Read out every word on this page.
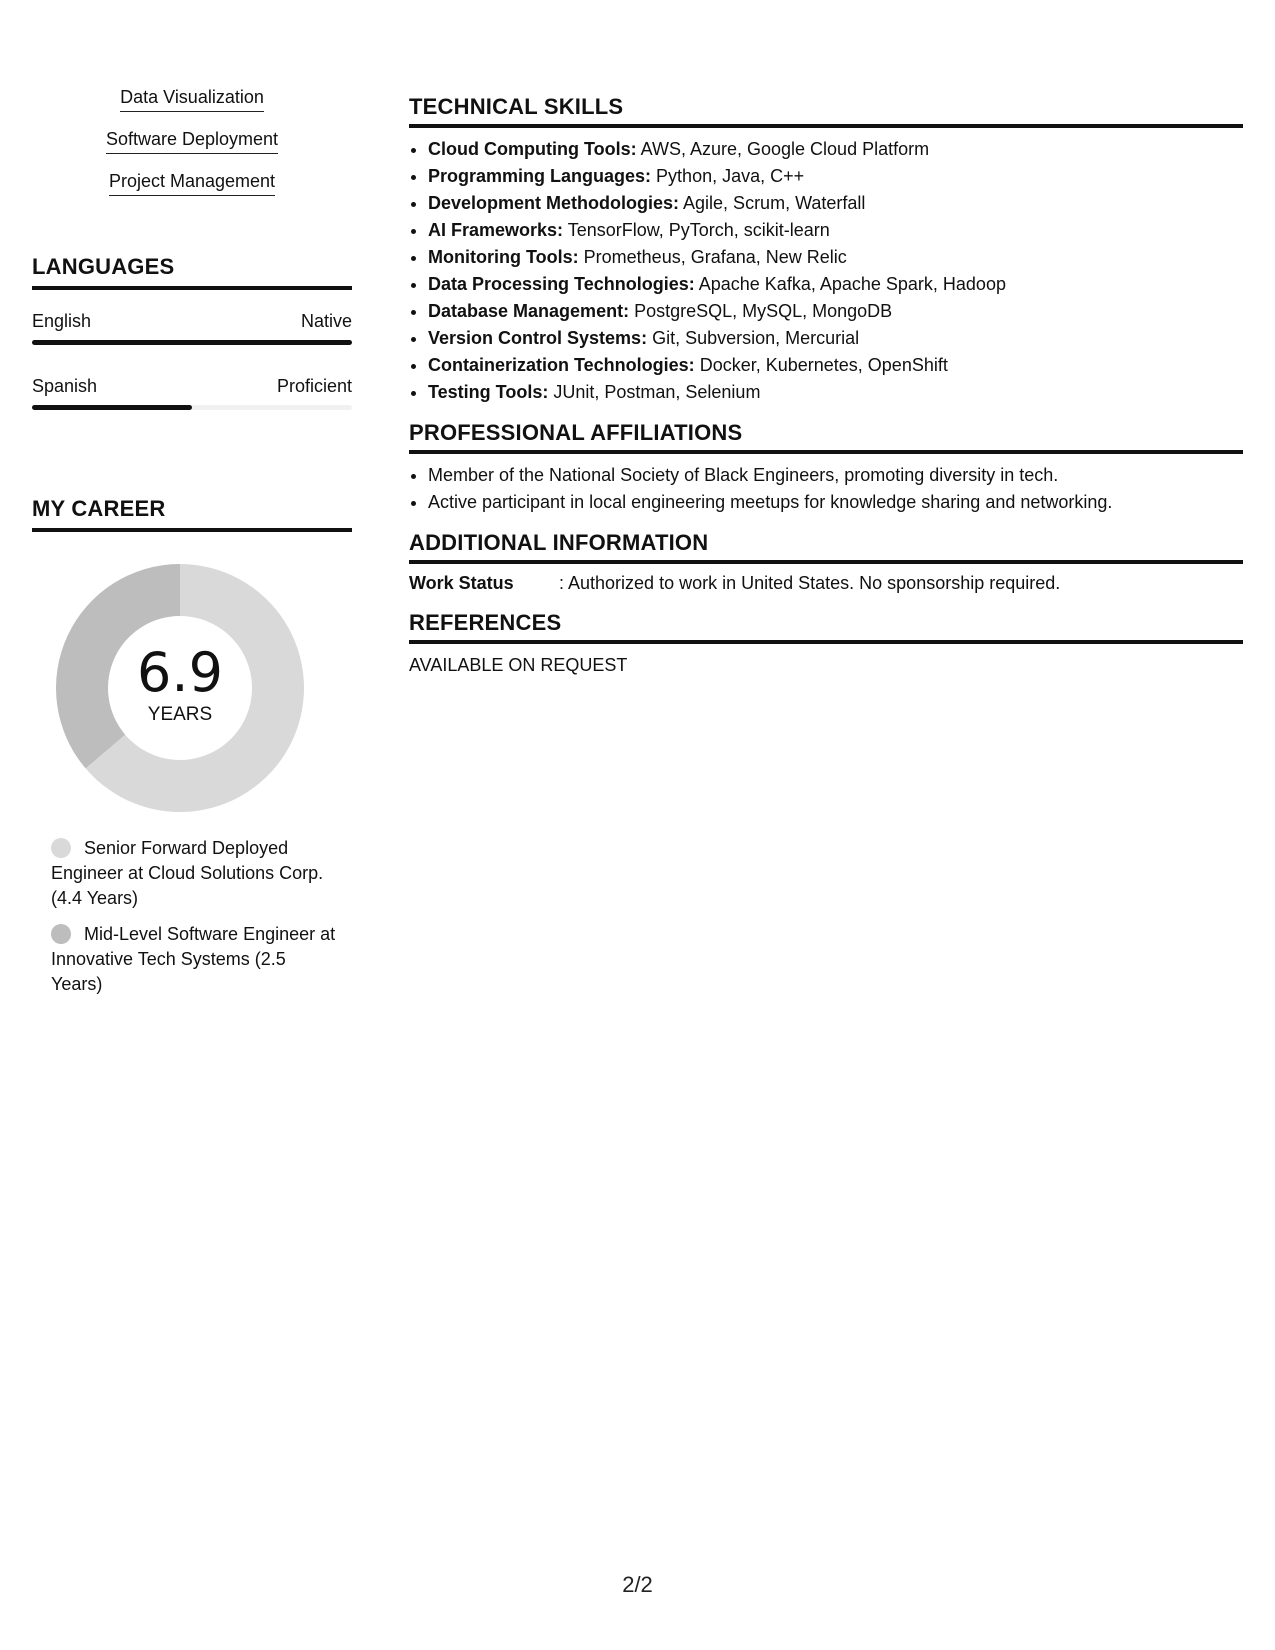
Data Visualization
Software Deployment
Project Management
LANGUAGES
English	Native
Spanish	Proficient
MY CAREER
6.9
YEARS
Senior Forward Deployed Engineer at Cloud Solutions Corp. (4.4 Years)
Mid-Level Software Engineer at Innovative Tech Systems (2.5 Years)
TECHNICAL SKILLS
• Cloud Computing Tools: AWS, Azure, Google Cloud Platform
• Programming Languages: Python, Java, C++
• Development Methodologies: Agile, Scrum, Waterfall
• AI Frameworks: TensorFlow, PyTorch, scikit-learn
• Monitoring Tools: Prometheus, Grafana, New Relic
• Data Processing Technologies: Apache Kafka, Apache Spark, Hadoop
• Database Management: PostgreSQL, MySQL, MongoDB
• Version Control Systems: Git, Subversion, Mercurial
• Containerization Technologies: Docker, Kubernetes, OpenShift
• Testing Tools: JUnit, Postman, Selenium
PROFESSIONAL AFFILIATIONS
• Member of the National Society of Black Engineers, promoting diversity in tech.
• Active participant in local engineering meetups for knowledge sharing and networking.
ADDITIONAL INFORMATION
Work Status	: Authorized to work in United States. No sponsorship required.
REFERENCES
AVAILABLE ON REQUEST
2/2
